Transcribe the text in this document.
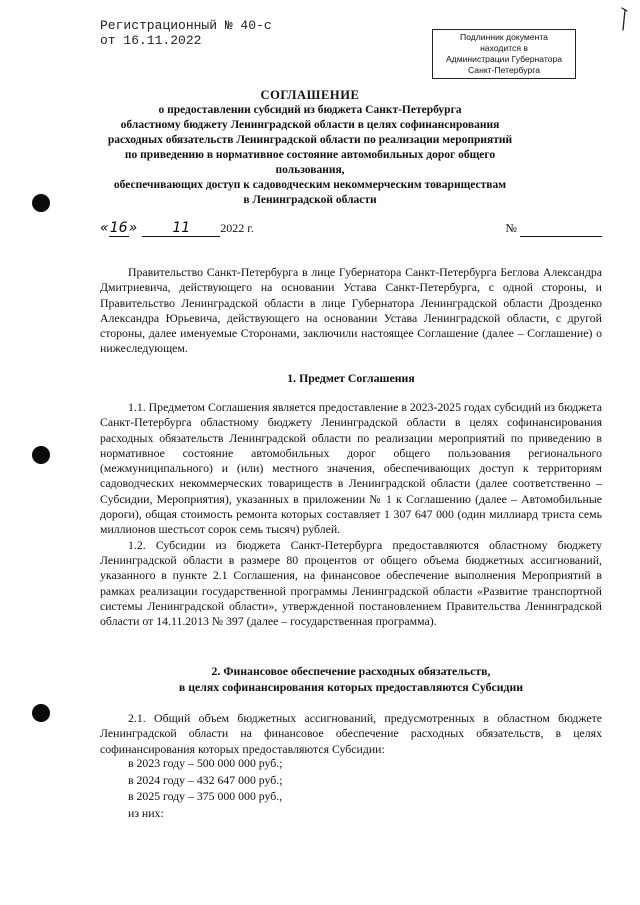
Регистрационный № 40-с
от 16.11.2022	Подлинник документа
находится в
Администрации Губернатора
Санкт-Петербурга
СОГЛАШЕНИЕ
о предоставлении субсидий из бюджета Санкт-Петербурга
областному бюджету Ленинградской области в целях софинансирования
расходных обязательств Ленинградской области по реализации мероприятий
по приведению в нормативное состояние автомобильных дорог общего пользования,
обеспечивающих доступ к садоводческим некоммерческим товариществам
в Ленинградской области
«16»	11	2022 г.	№

Правительство Санкт-Петербурга в лице Губернатора Санкт-Петербурга Беглова Александра Дмитриевича, действующего на основании Устава Санкт-Петербурга, с одной стороны, и Правительство Ленинградской области в лице Губернатора Ленинградской области Дрозденко Александра Юрьевича, действующего на основании Устава Ленинградской области, с другой стороны, далее именуемые Сторонами, заключили настоящее Соглашение (далее – Соглашение) о нижеследующем.

1. Предмет Соглашения

1.1. Предметом Соглашения является предоставление в 2023-2025 годах субсидий из бюджета Санкт-Петербурга областному бюджету Ленинградской области в целях софинансирования расходных обязательств Ленинградской области по реализации мероприятий по приведению в нормативное состояние автомобильных дорог общего пользования регионального (межмуниципального) и (или) местного значения, обеспечивающих доступ к территориям садоводческих некоммерческих товариществ в Ленинградской области (далее соответственно – Субсидии, Мероприятия), указанных в приложении № 1 к Соглашению (далее – Автомобильные дороги), общая стоимость ремонта которых составляет 1 307 647 000 (один миллиард триста семь миллионов шестьсот сорок семь тысяч) рублей.

1.2. Субсидии из бюджета Санкт-Петербурга предоставляются областному бюджету Ленинградской области в размере 80 процентов от общего объема бюджетных ассигнований, указанного в пункте 2.1 Соглашения, на финансовое обеспечение выполнения Мероприятий в рамках реализации государственной программы Ленинградской области «Развитие транспортной системы Ленинградской области», утвержденной постановлением Правительства Ленинградской области от 14.11.2013 № 397 (далее – государственная программа).

2. Финансовое обеспечение расходных обязательств,
в целях софинансирования которых предоставляются Субсидии

2.1. Общий объем бюджетных ассигнований, предусмотренных в областном бюджете Ленинградской области на финансовое обеспечение расходных обязательств, в целях софинансирования которых предоставляются Субсидии:

в 2023 году – 500 000 000 руб.;
в 2024 году – 432 647 000 руб.;
в 2025 году – 375 000 000 руб.,
из них:
